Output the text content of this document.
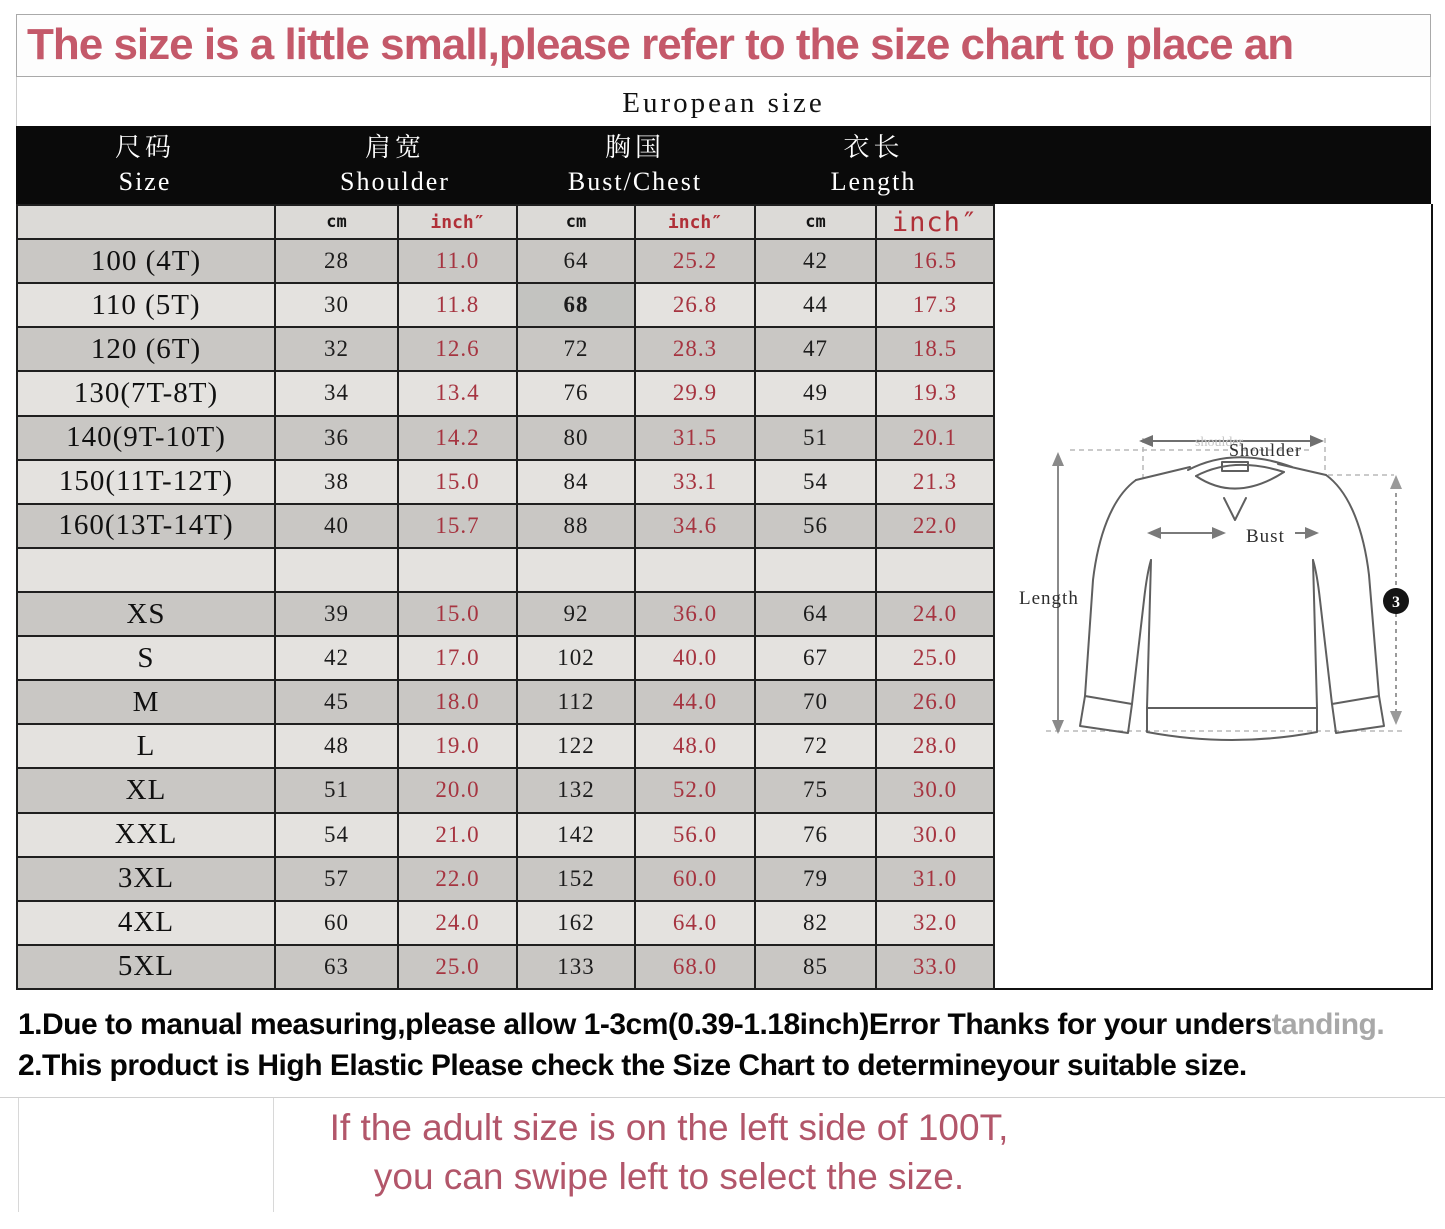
The size is a little small,please refer to the size chart to place an
European size
尺码
Size
肩宽
Shoulder
胸国
Bust/Chest
衣长
Length
	cm	inch″	cm	inch″	cm	inch″
100 (4T)	28	11.0	64	25.2	42	16.5
110 (5T)	30	11.8	68	26.8	44	17.3
120 (6T)	32	12.6	72	28.3	47	18.5
130(7T-8T)	34	13.4	76	29.9	49	19.3
140(9T-10T)	36	14.2	80	31.5	51	20.1
150(11T-12T)	38	15.0	84	33.1	54	21.3
160(13T-14T)	40	15.7	88	34.6	56	22.0

XS	39	15.0	92	36.0	64	24.0
S	42	17.0	102	40.0	67	25.0
M	45	18.0	112	44.0	70	26.0
L	48	19.0	122	48.0	72	28.0
XL	51	20.0	132	52.0	75	30.0
XXL	54	21.0	142	56.0	76	30.0
3XL	57	22.0	152	60.0	79	31.0
4XL	60	24.0	162	64.0	82	32.0
5XL	63	25.0	133	68.0	85	33.0
shoulder
Shoulder
Bust
Length	3
1.Due to manual measuring,please allow 1-3cm(0.39-1.18inch)Error Thanks for your understanding.
2.This product is High Elastic Please check the Size Chart to determineyour suitable size.
If the adult size is on the left side of 100T,
you can swipe left to select the size.
